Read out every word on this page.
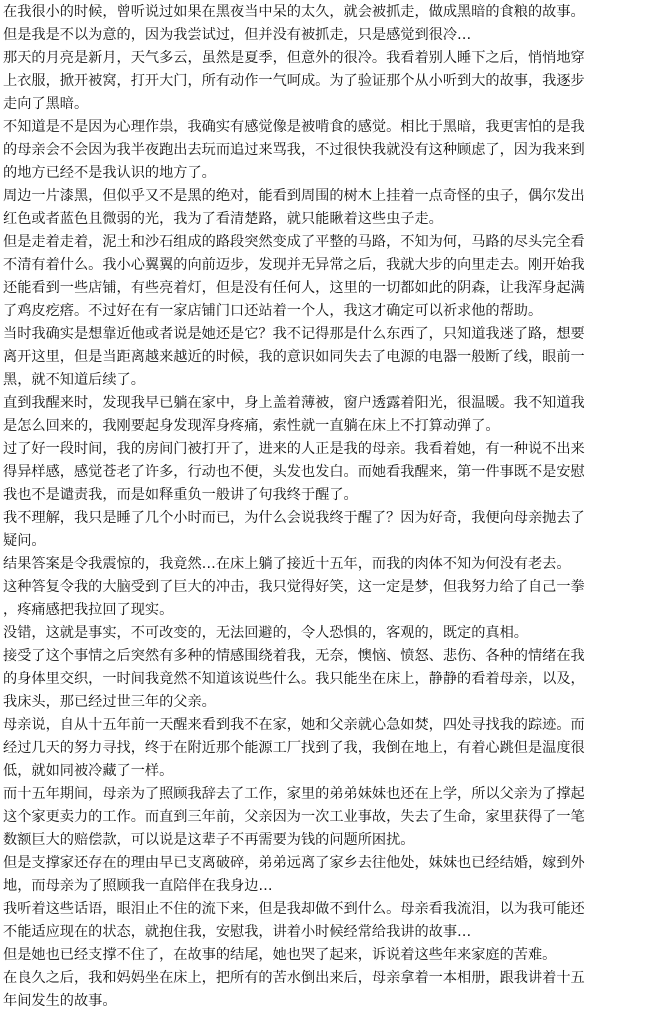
在我很小的时候，曾听说过如果在黑夜当中呆的太久，就会被抓走，做成黑暗的食粮的故事。
但是我是不以为意的，因为我尝试过，但并没有被抓走，只是感觉到很冷…
那天的月亮是新月，天气多云，虽然是夏季，但意外的很冷。我看着别人睡下之后，悄悄地穿
上衣服，掀开被窝，打开大门，所有动作一气呵成。为了验证那个从小听到大的故事，我逐步
走向了黑暗。
不知道是不是因为心理作祟，我确实有感觉像是被啃食的感觉。相比于黑暗，我更害怕的是我
的母亲会不会因为我半夜跑出去玩而追过来骂我，不过很快我就没有这种顾虑了，因为我来到
的地方已经不是我认识的地方了。
周边一片漆黑，但似乎又不是黑的绝对，能看到周围的树木上挂着一点奇怪的虫子，偶尔发出
红色或者蓝色且微弱的光，我为了看清楚路，就只能瞅着这些虫子走。
但是走着走着，泥土和沙石组成的路段突然变成了平整的马路，不知为何，马路的尽头完全看
不清有着什么。我小心翼翼的向前迈步，发现并无异常之后，我就大步的向里走去。刚开始我
还能看到一些店铺，有些亮着灯，但是没有任何人，这里的一切都如此的阴森，让我浑身起满
了鸡皮疙瘩。不过好在有一家店铺门口还站着一个人，我这才确定可以祈求他的帮助。
当时我确实是想靠近他或者说是她还是它？我不记得那是什么东西了，只知道我迷了路，想要
离开这里，但是当距离越来越近的时候，我的意识如同失去了电源的电器一般断了线，眼前一
黑，就不知道后续了。
直到我醒来时，发现我早已躺在家中，身上盖着薄被，窗户透露着阳光，很温暖。我不知道我
是怎么回来的，我刚要起身发现浑身疼痛，索性就一直躺在床上不打算动弹了。
过了好一段时间，我的房间门被打开了，进来的人正是我的母亲。我看着她，有一种说不出来
得异样感，感觉苍老了许多，行动也不便，头发也发白。而她看我醒来，第一件事既不是安慰
我也不是谴责我，而是如释重负一般讲了句我终于醒了。
我不理解，我只是睡了几个小时而已，为什么会说我终于醒了？因为好奇，我便向母亲抛去了
疑问。
结果答案是令我震惊的，我竟然…在床上躺了接近十五年，而我的肉体不知为何没有老去。
这种答复令我的大脑受到了巨大的冲击，我只觉得好笑，这一定是梦，但我努力给了自己一拳
，疼痛感把我拉回了现实。
没错，这就是事实，不可改变的，无法回避的，令人恐惧的，客观的，既定的真相。
接受了这个事情之后突然有多种的情感围绕着我，无奈，懊恼、愤怒、悲伤、各种的情绪在我
的身体里交织，一时间我竟然不知道该说些什么。我只能坐在床上，静静的看着母亲，以及，
我床头，那已经过世三年的父亲。
母亲说，自从十五年前一天醒来看到我不在家，她和父亲就心急如焚，四处寻找我的踪迹。而
经过几天的努力寻找，终于在附近那个能源工厂找到了我，我倒在地上，有着心跳但是温度很
低，就如同被冷藏了一样。
而十五年期间，母亲为了照顾我辞去了工作，家里的弟弟妹妹也还在上学，所以父亲为了撑起
这个家更卖力的工作。而直到三年前，父亲因为一次工业事故，失去了生命，家里获得了一笔
数额巨大的赔偿款，可以说是这辈子不再需要为钱的问题所困扰。
但是支撑家还存在的理由早已支离破碎，弟弟远离了家乡去往他处，妹妹也已经结婚，嫁到外
地，而母亲为了照顾我一直陪伴在我身边…
我听着这些话语，眼泪止不住的流下来，但是我却做不到什么。母亲看我流泪，以为我可能还
不能适应现在的状态，就抱住我，安慰我，讲着小时候经常给我讲的故事…
但是她也已经支撑不住了，在故事的结尾，她也哭了起来，诉说着这些年来家庭的苦难。
在良久之后，我和妈妈坐在床上，把所有的苦水倒出来后，母亲拿着一本相册，跟我讲着十五
年间发生的故事。
